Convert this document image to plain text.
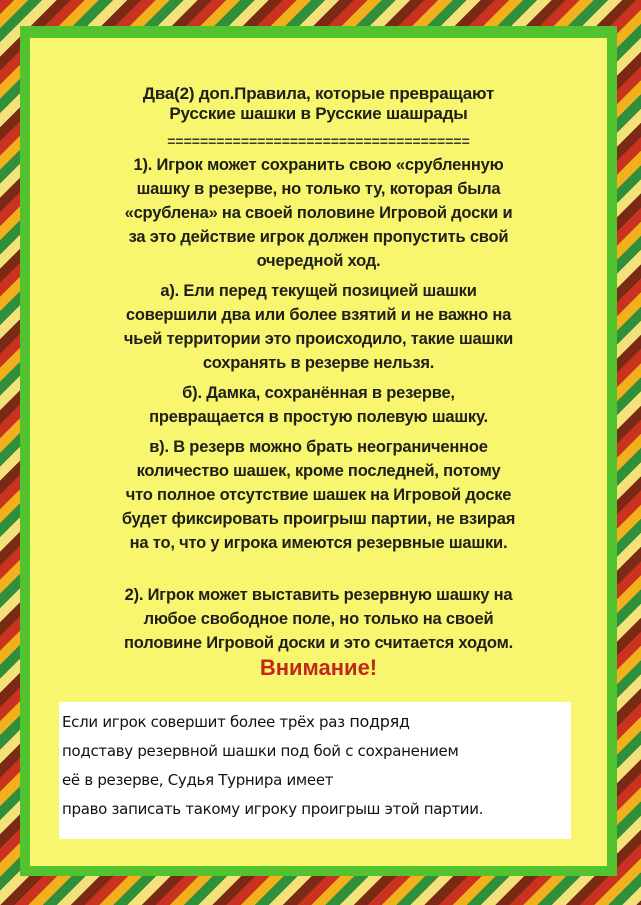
Два(2) доп.Правила, которые превращают
Русские шашки в Русские шашрады
=====================================
1). Игрок может сохранить свою «срубленную
шашку в резерве, но только ту, которая была
«срублена» на своей половине Игровой доски и
за это действие игрок должен пропустить свой
очередной ход.
а). Ели перед текущей позицией шашки
совершили два или более взятий и не важно на
чьей территории это происходило, такие шашки
сохранять в резерве нельзя.
б). Дамка, сохранённая в резерве,
превращается в простую полевую шашку.
в). В резерв можно брать неограниченное
количество шашек, кроме последней, потому
что полное отсутствие шашек на Игровой доске
будет фиксировать проигрыш партии, не взирая
на то, что у игрока имеются резервные шашки.
2). Игрок может выставить резервную шашку на
любое свободное поле, но только на своей
половине Игровой доски и это считается ходом.
Внимание!
Если игрок совершит более трёх раз подряд
подставу резервной шашки под бой с сохранением
её в резерве, Судья Турнира имеет
право записать такому игроку проигрыш этой партии.
